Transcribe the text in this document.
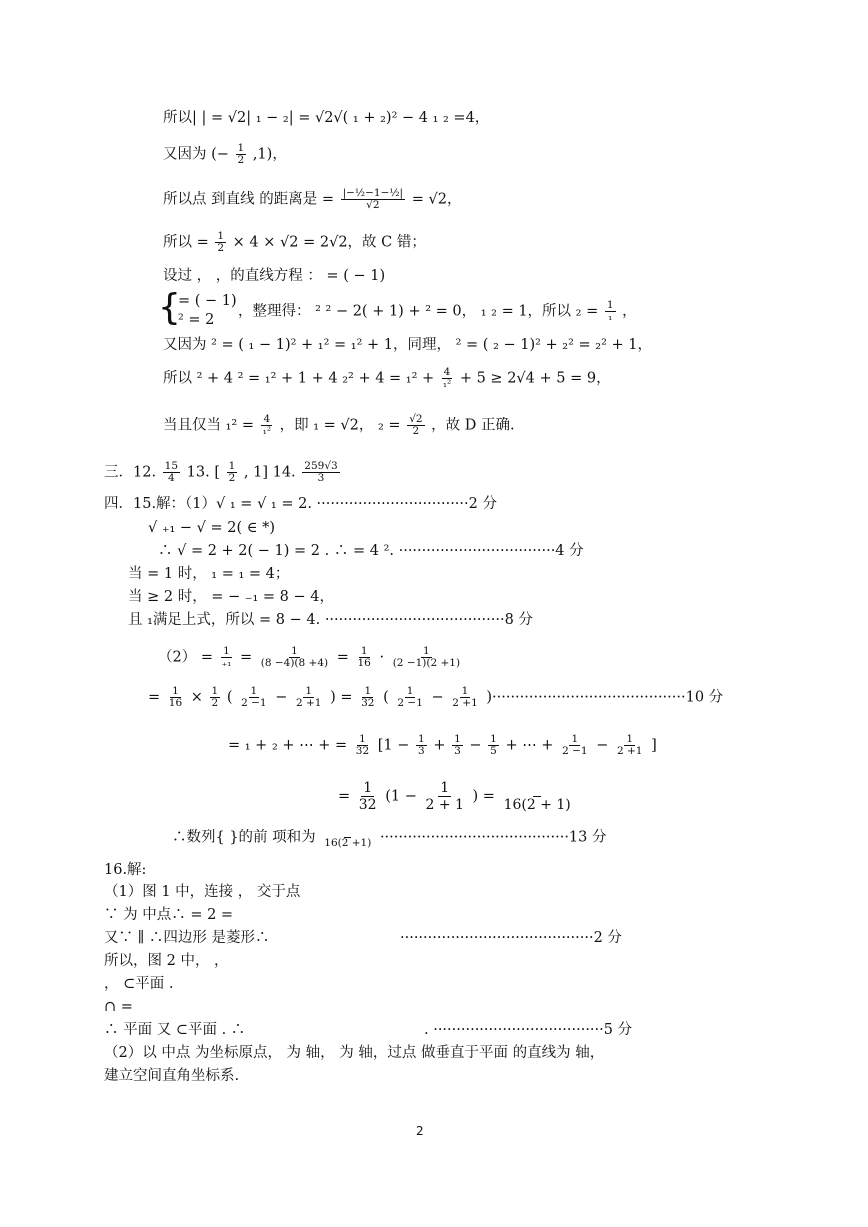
所以| | = √2| ₁ − ₂| = √2√( ₁ + ₂)² − 4 ₁ ₂ =4，
又因为 (− $\frac{1}{2} ,1$)，
所以点 到直线 的距离是 = $\frac{\text{|−½−1−½|}}{√2} = √2$，
所以 = $\frac{1}{2} \times 4 \times √2 = 2√2$，故 C 错；
设过 ， ，的直线方程 ： = ( − 1)
{
= ( − 1)
² = 2
，整理得： ² ² − 2( + 1) + ² = 0， ₁ ₂ = 1，所以 $_2 = \frac{1}{\text{₁}}$ ，
又因为 ² = ( ₁ − 1)² + ₁² = ₁² + 1，同理， ² = ( ₂ − 1)² + ₂² = ₂² + 1，
所以 ² + 4 ² = ₁² + 1 + 4 $_2^2 + 4 = _1^2 + \frac{4}{\text{₁²}} + 5 \ge 2√4 + 5 = 9$，
当且仅当 $_1^2 = \frac{4}{\text{₁²}}$ ，即 ₁ = √2， $_2 = \frac{√2}{2}$ ，故 D 正确.
三．12. $\frac{15}{4} 13$. [ $\frac{1}{2}$ , 1] 14. $\frac{259√3}{3}$
四．15.解：（1）√ ₁ = √ ₁ = 2. ·································2 分
√ ₊₁ − √ = 2( ∈ *)
∴ √ = 2 + 2( − 1) = 2 . ∴ = 4 ². ··································4 分
当 = 1 时， ₁ = ₁ = 4；
当 ≥ 2 时， = − ₋₁ = 8 − 4，
且 ₁满足上式，所以 = 8 − 4. ·······································8 分
$(2) = \frac{1}{\text{₊₁}} = \frac{1}{(8 -4)(8 +4)} = \frac{1}{16} \cdot \frac{1}{(2 -1)(2 +1)}$
= $\frac{1}{16} \times \frac{1}{2}$ ( $\frac{1}{2 -1} - \frac{1}{2 +1}$ ) = $\frac{1}{32}$ ( $\frac{1}{2 -1} - \frac{1}{2 +1} )\cdot\cdot\cdot\cdot\cdot\cdot\cdot\cdot\cdot\cdot\cdot\cdot\cdot\cdot\cdot\cdot\cdot\cdot\cdot\cdot\cdot\cdot\cdot\cdot\cdot\cdot\cdot\cdot\cdot\cdot\cdot\cdot\cdot\cdot\cdot\cdot\cdot\cdot\cdot\cdot\cdot\cdot 10$ 分
= ₁ + ₂ + ⋯ + = $\frac{1}{32} [1 - \frac{1}{3} + \frac{1}{3} - \frac{1}{5}$ + ⋯ + $\frac{1}{2 -1} - \frac{1}{2 +1}$ ]
= $\frac{1}{32} (1 - \frac{1}{2 + 1}$ ) =

16(2 + 1)
∴数列{ }的前 项和为
16(2 +1) ·········································13 分
16.解:
（1）图 1 中，连接 ， 交于点
∵ 为 中点∴ = 2 =
又∵ ∥ ∴四边形 是菱形∴	··········································2 分
所以，图 2 中， ，
， ⊂平面 .
∩ =
∴ 平面 又 ⊂平面 . ∴	. ·····································5 分
（2）以 中点 为坐标原点， 为 轴， 为 轴，过点 做垂直于平面 的直线为 轴，
建立空间直角坐标系.
2
